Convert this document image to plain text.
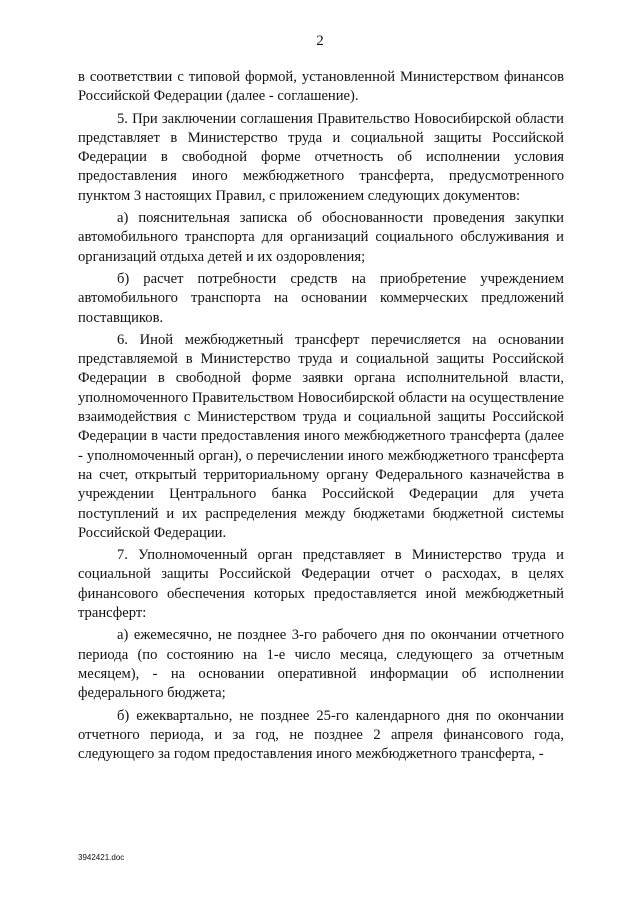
2

в соответствии с типовой формой, установленной Министерством финансов Российской Федерации (далее - соглашение).

5. При заключении соглашения Правительство Новосибирской области представляет в Министерство труда и социальной защиты Российской Федерации в свободной форме отчетность об исполнении условия предоставления иного межбюджетного трансферта, предусмотренного пунктом 3 настоящих Правил, с приложением следующих документов:

а) пояснительная записка об обоснованности проведения закупки автомобильного транспорта для организаций социального обслуживания и организаций отдыха детей и их оздоровления;

б) расчет потребности средств на приобретение учреждением автомобильного транспорта на основании коммерческих предложений поставщиков.

6. Иной межбюджетный трансферт перечисляется на основании представляемой в Министерство труда и социальной защиты Российской Федерации в свободной форме заявки органа исполнительной власти, уполномоченного Правительством Новосибирской области на осуществление взаимодействия с Министерством труда и социальной защиты Российской Федерации в части предоставления иного межбюджетного трансферта (далее - уполномоченный орган), о перечислении иного межбюджетного трансферта на счет, открытый территориальному органу Федерального казначейства в учреждении Центрального банка Российской Федерации для учета поступлений и их распределения между бюджетами бюджетной системы Российской Федерации.

7. Уполномоченный орган представляет в Министерство труда и социальной защиты Российской Федерации отчет о расходах, в целях финансового обеспечения которых предоставляется иной межбюджетный трансферт:

а) ежемесячно, не позднее 3-го рабочего дня по окончании отчетного периода (по состоянию на 1-е число месяца, следующего за отчетным месяцем), - на основании оперативной информации об исполнении федерального бюджета;

б) ежеквартально, не позднее 25-го календарного дня по окончании отчетного периода, и за год, не позднее 2 апреля финансового года, следующего за годом предоставления иного межбюджетного трансферта, -

3942421.doc
